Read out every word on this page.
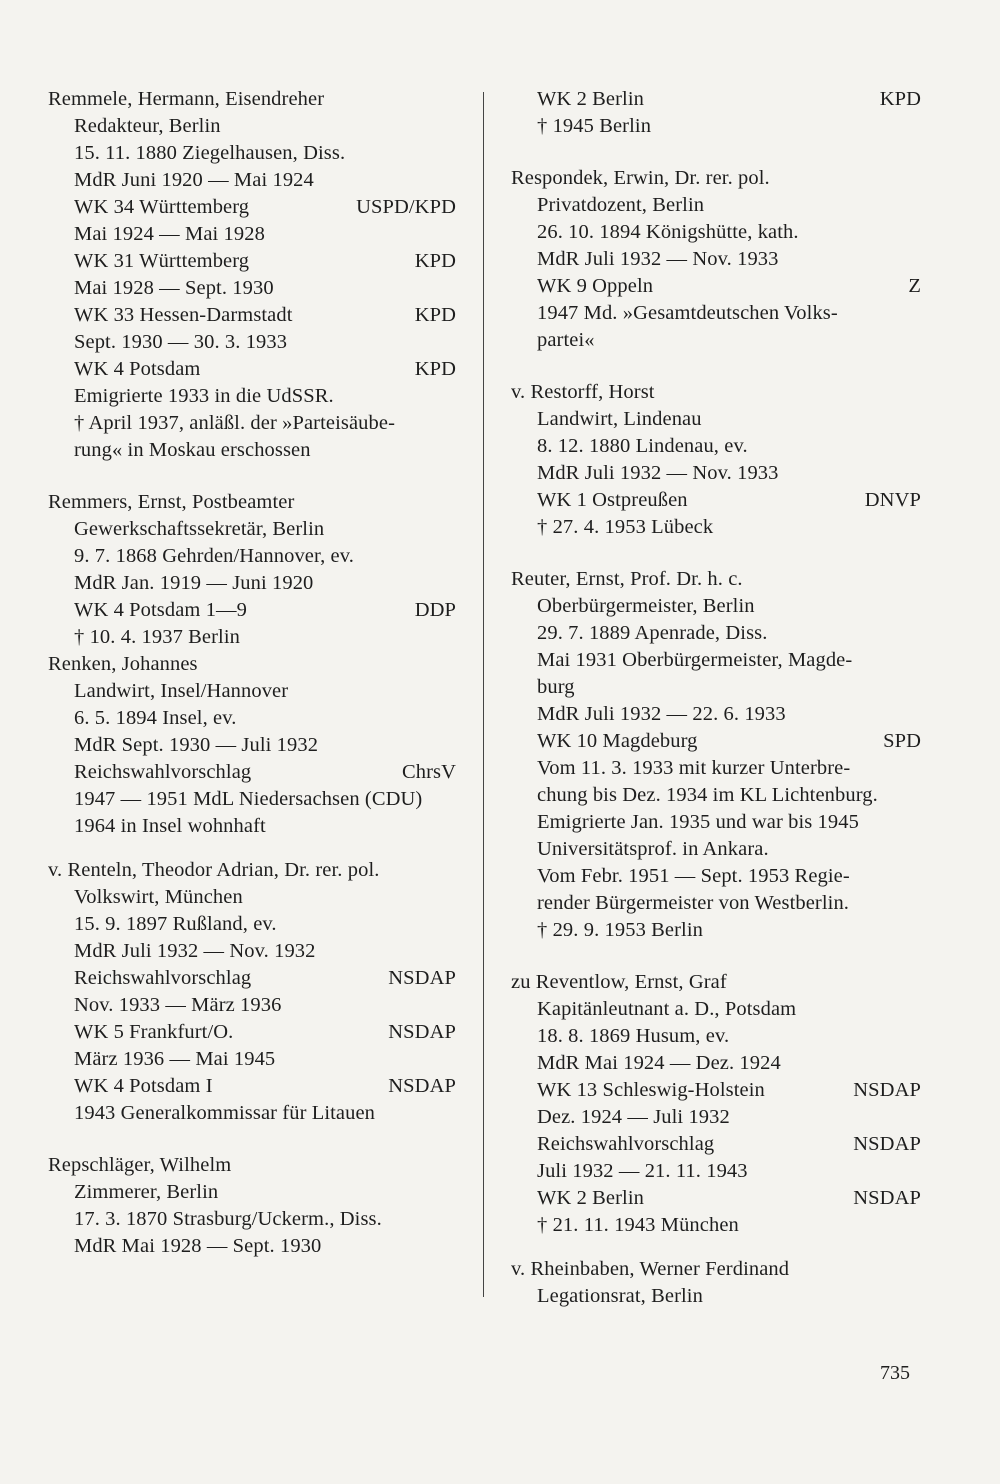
Remmele, Hermann, Eisendreher
Redakteur, Berlin
15. 11. 1880 Ziegelhausen, Diss.
MdR Juni 1920 — Mai 1924
WK 34 Württemberg	USPD/KPD
Mai 1924 — Mai 1928
WK 31 Württemberg	KPD
Mai 1928 — Sept. 1930
WK 33 Hessen-Darmstadt	KPD
Sept. 1930 — 30. 3. 1933
WK 4 Potsdam	KPD
Emigrierte 1933 in die UdSSR.
† April 1937, anläßl. der »Parteisäube-
rung« in Moskau erschossen
Remmers, Ernst, Postbeamter
Gewerkschaftssekretär, Berlin
9. 7. 1868 Gehrden/Hannover, ev.
MdR Jan. 1919 — Juni 1920
WK 4 Potsdam 1—9	DDP
† 10. 4. 1937 Berlin
Renken, Johannes
Landwirt, Insel/Hannover
6. 5. 1894 Insel, ev.
MdR Sept. 1930 — Juli 1932
Reichswahlvorschlag	ChrsV
1947 — 1951 MdL Niedersachsen (CDU)
1964 in Insel wohnhaft
v. Renteln, Theodor Adrian, Dr. rer. pol.
Volkswirt, München
15. 9. 1897 Rußland, ev.
MdR Juli 1932 — Nov. 1932
Reichswahlvorschlag	NSDAP
Nov. 1933 — März 1936
WK 5 Frankfurt/O.	NSDAP
März 1936 — Mai 1945
WK 4 Potsdam I	NSDAP
1943 Generalkommissar für Litauen
Repschläger, Wilhelm
Zimmerer, Berlin
17. 3. 1870 Strasburg/Uckerm., Diss.
MdR Mai 1928 — Sept. 1930
WK 2 Berlin	KPD
† 1945 Berlin
Respondek, Erwin, Dr. rer. pol.
Privatdozent, Berlin
26. 10. 1894 Königshütte, kath.
MdR Juli 1932 — Nov. 1933
WK 9 Oppeln	Z
1947 Md. »Gesamtdeutschen Volks-
partei«
v. Restorff, Horst
Landwirt, Lindenau
8. 12. 1880 Lindenau, ev.
MdR Juli 1932 — Nov. 1933
WK 1 Ostpreußen	DNVP
† 27. 4. 1953 Lübeck
Reuter, Ernst, Prof. Dr. h. c.
Oberbürgermeister, Berlin
29. 7. 1889 Apenrade, Diss.
Mai 1931 Oberbürgermeister, Magde-
burg
MdR Juli 1932 — 22. 6. 1933
WK 10 Magdeburg	SPD
Vom 11. 3. 1933 mit kurzer Unterbre-
chung bis Dez. 1934 im KL Lichtenburg.
Emigrierte Jan. 1935 und war bis 1945
Universitätsprof. in Ankara.
Vom Febr. 1951 — Sept. 1953 Regie-
render Bürgermeister von Westberlin.
† 29. 9. 1953 Berlin
zu Reventlow, Ernst, Graf
Kapitänleutnant a. D., Potsdam
18. 8. 1869 Husum, ev.
MdR Mai 1924 — Dez. 1924
WK 13 Schleswig-Holstein	NSDAP
Dez. 1924 — Juli 1932
Reichswahlvorschlag	NSDAP
Juli 1932 — 21. 11. 1943
WK 2 Berlin	NSDAP
† 21. 11. 1943 München
v. Rheinbaben, Werner Ferdinand
Legationsrat, Berlin
735
